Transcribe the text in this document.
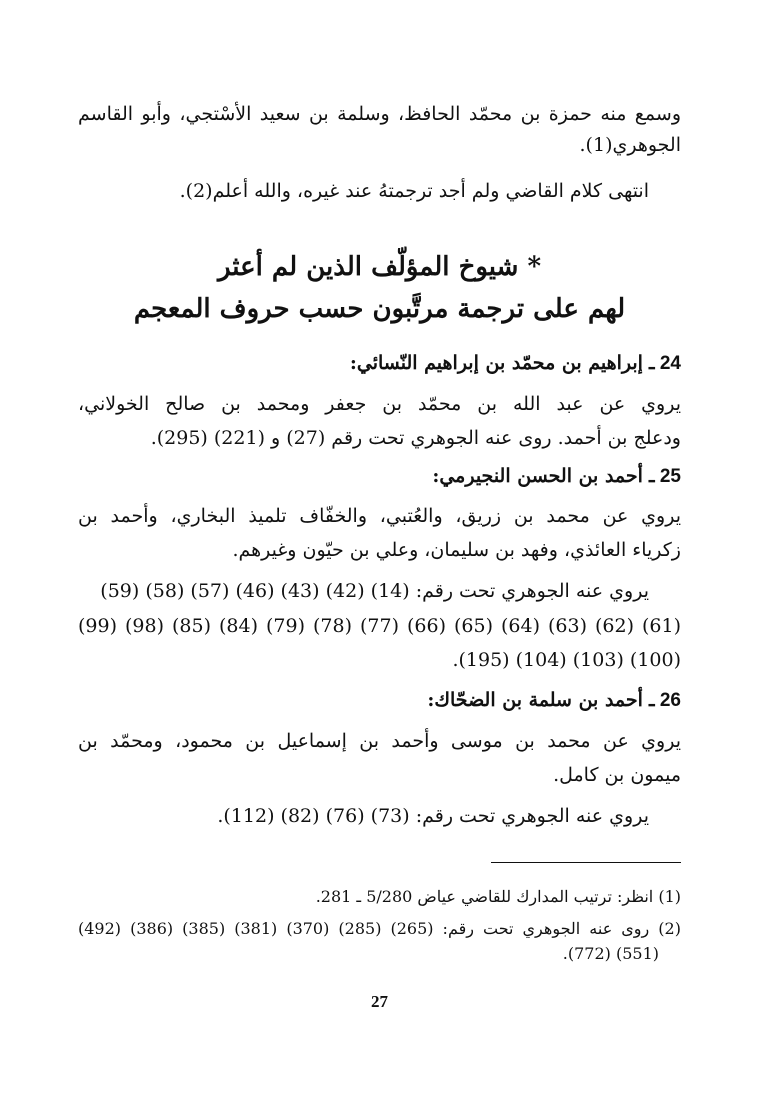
وسمع منه حمزة بن محمّد الحافظ، وسلمة بن سعيد الأسْتجي، وأبو القاسم
الجوهري(1).
انتهى كلام القاضي ولم أجد ترجمتهُ عند غيره، والله أعلم(2).
* شيوخ المؤلّف الذين لم أعثر
لهم على ترجمة مرتَّبون حسب حروف المعجم
24 ـ إبراهيم بن محمّد بن إبراهيم النّسائي:
يروي عن عبد الله بن محمّد بن جعفر ومحمد بن صالح الخولاني،
ودعلج بن أحمد. روى عنه الجوهري تحت رقم (27) و (221) (295).
25 ـ أحمد بن الحسن النجيرمي:
يروي عن محمد بن زريق، والعُتبي، والخفّاف تلميذ البخاري، وأحمد بن
زكرياء العائذي، وفهد بن سليمان، وعلي بن حيّون وغيرهم.
يروي عنه الجوهري تحت رقم: (14) (42) (43) (46) (57) (58) (59)
(61) (62) (63) (64) (65) (66) (77) (78) (79) (84) (85) (98) (99)
(100) (103) (104) (195).
26 ـ أحمد بن سلمة بن الضحّاك:
يروي عن محمد بن موسى وأحمد بن إسماعيل بن محمود، ومحمّد بن
ميمون بن كامل.
يروي عنه الجوهري تحت رقم: (73) (76) (82) (112).
(1) انظر: ترتيب المدارك للقاضي عياض 5/280 ـ 281.
(2) روى عنه الجوهري تحت رقم: (265) (285) (370) (381) (385) (386) (492)
(551) (772).
27
